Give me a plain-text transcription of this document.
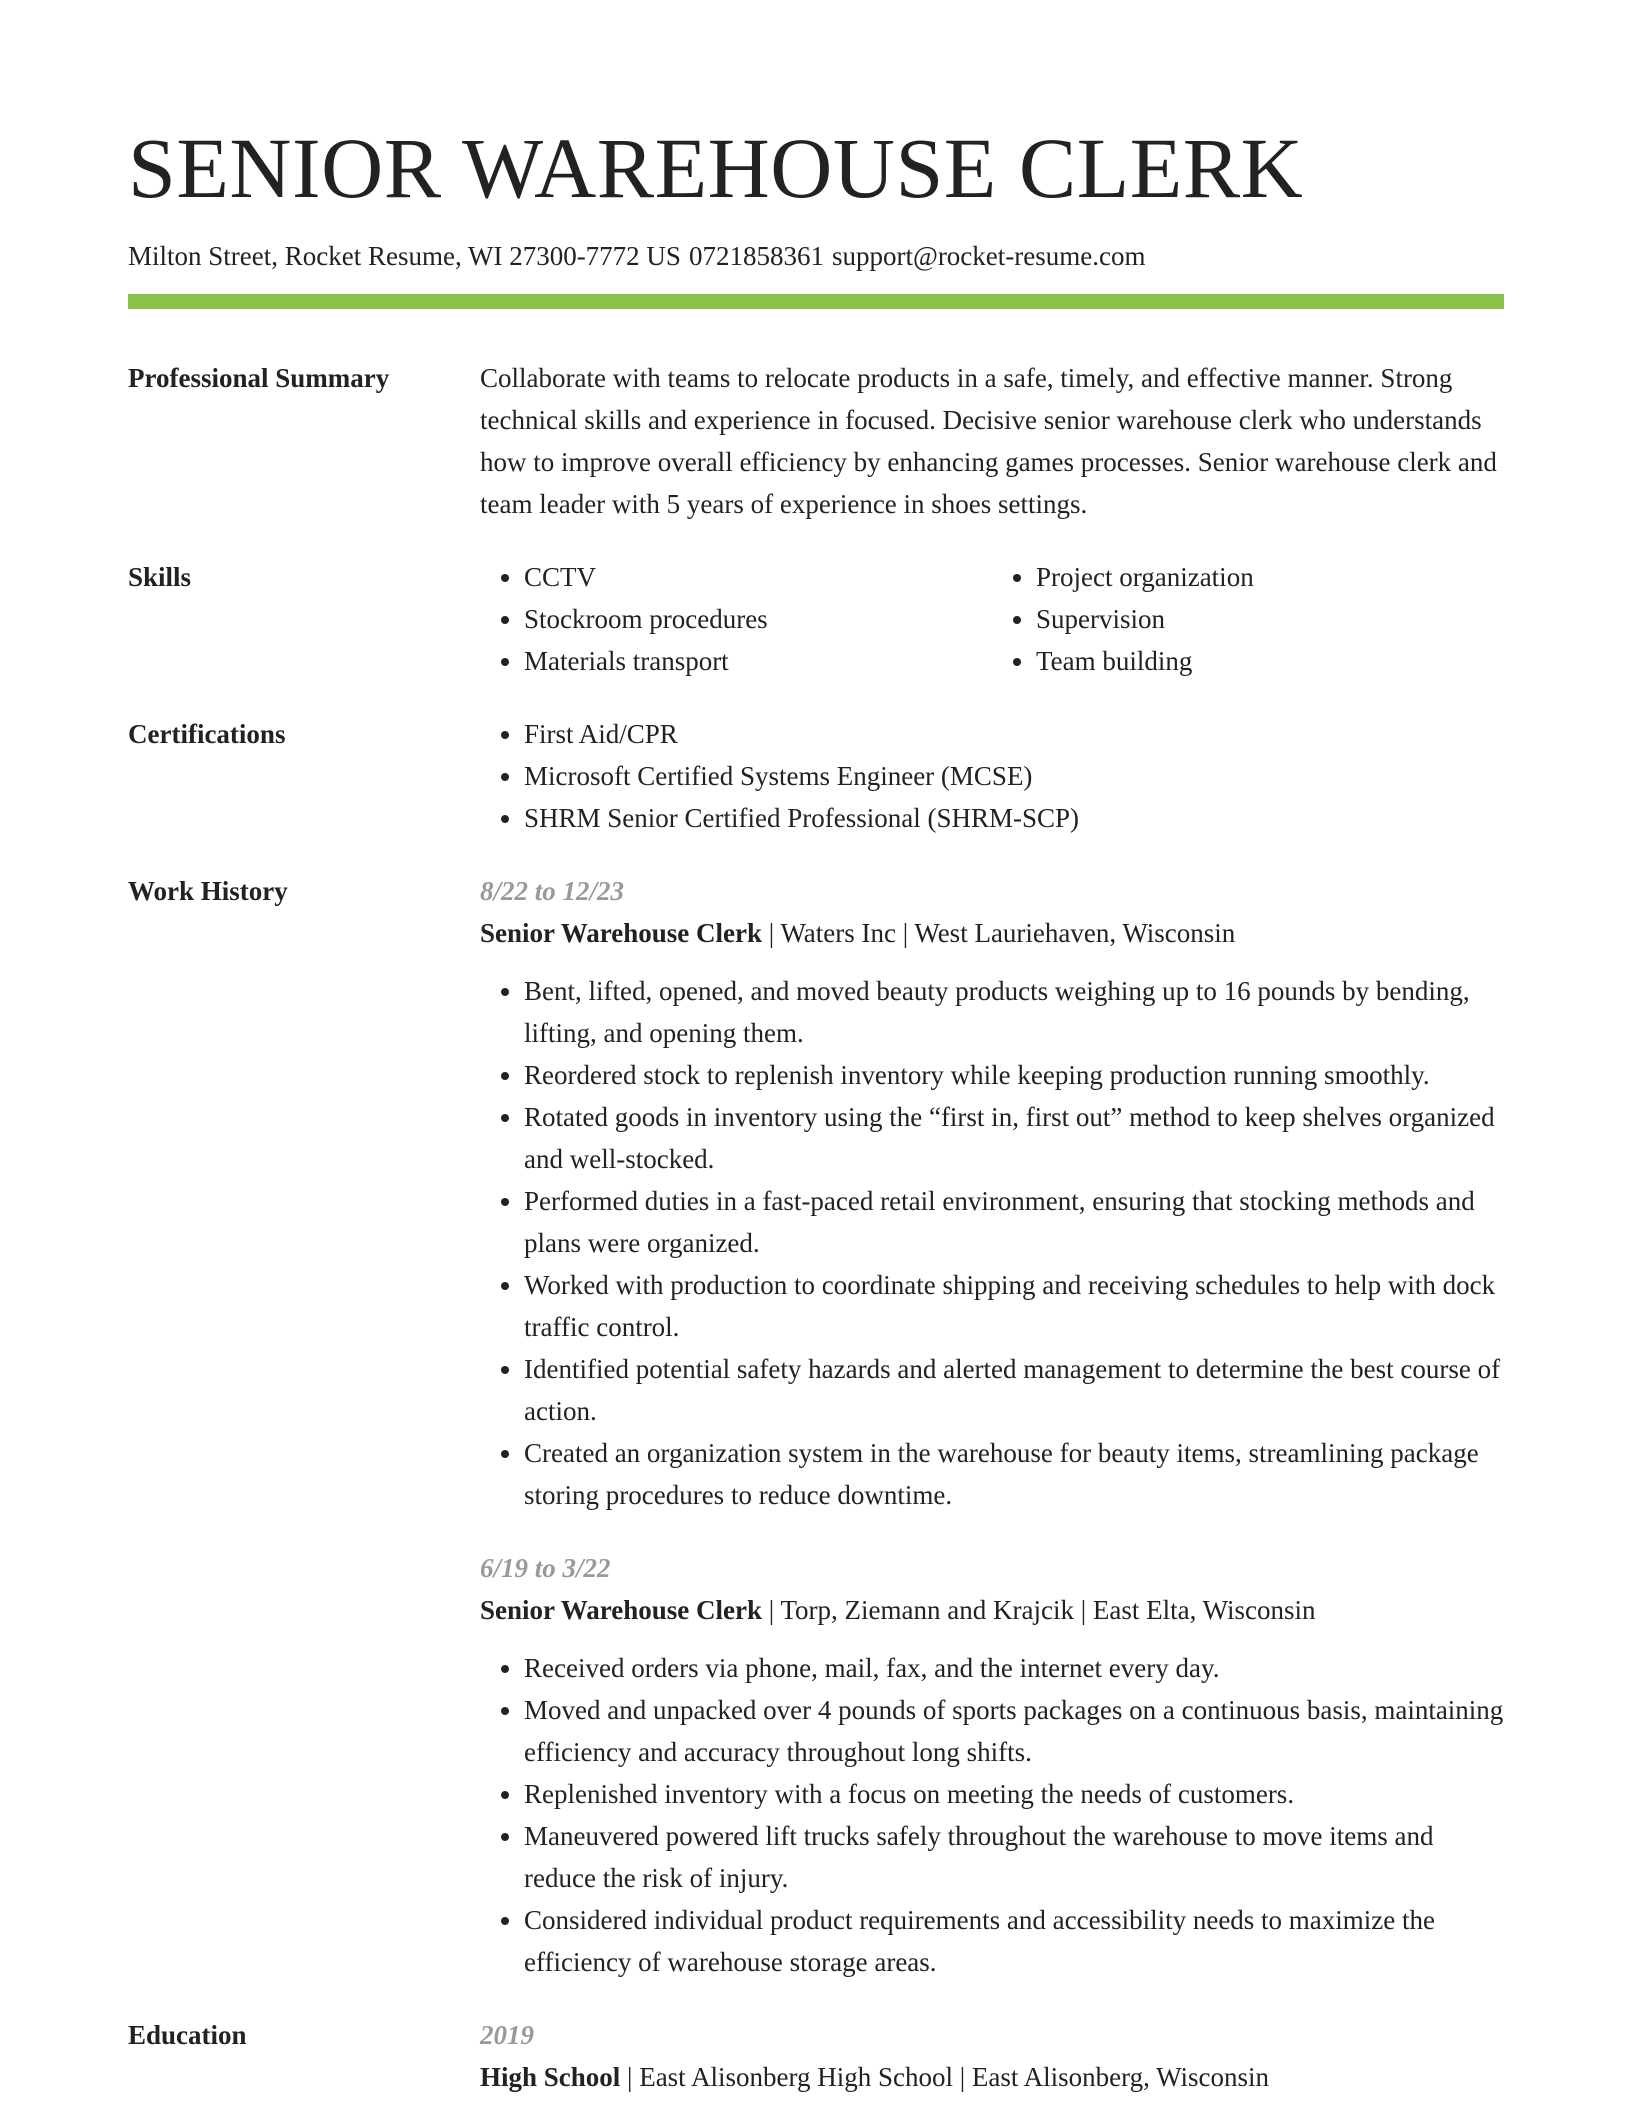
SENIOR WAREHOUSE CLERK
Milton Street, Rocket Resume, WI 27300-7772 US 0721858361 support@rocket-resume.com
Professional Summary	Collaborate with teams to relocate products in a safe, timely, and effective manner. Strong technical skills and experience in focused. Decisive senior warehouse clerk who understands how to improve overall efficiency by enhancing games processes. Senior warehouse clerk and team leader with 5 years of experience in shoes settings.

Skills	• CCTV
• Stockroom procedures
• Materials transport
• Project organization
• Supervision
• Team building
Certifications	• First Aid/CPR
• Microsoft Certified Systems Engineer (MCSE)
• SHRM Senior Certified Professional (SHRM-SCP)
Work History	8/22 to 12/23
Senior Warehouse Clerk | Waters Inc | West Lauriehaven, Wisconsin
• Bent, lifted, opened, and moved beauty products weighing up to 16 pounds by bending, lifting, and opening them.
• Reordered stock to replenish inventory while keeping production running smoothly.
• Rotated goods in inventory using the “first in, first out” method to keep shelves organized and well-stocked.
• Performed duties in a fast-paced retail environment, ensuring that stocking methods and plans were organized.
• Worked with production to coordinate shipping and receiving schedules to help with dock traffic control.
• Identified potential safety hazards and alerted management to determine the best course of action.
• Created an organization system in the warehouse for beauty items, streamlining package storing procedures to reduce downtime.
6/19 to 3/22
Senior Warehouse Clerk | Torp, Ziemann and Krajcik | East Elta, Wisconsin
• Received orders via phone, mail, fax, and the internet every day.
• Moved and unpacked over 4 pounds of sports packages on a continuous basis, maintaining efficiency and accuracy throughout long shifts.
• Replenished inventory with a focus on meeting the needs of customers.
• Maneuvered powered lift trucks safely throughout the warehouse to move items and reduce the risk of injury.
• Considered individual product requirements and accessibility needs to maximize the efficiency of warehouse storage areas.
Education	2019
High School | East Alisonberg High School | East Alisonberg, Wisconsin
